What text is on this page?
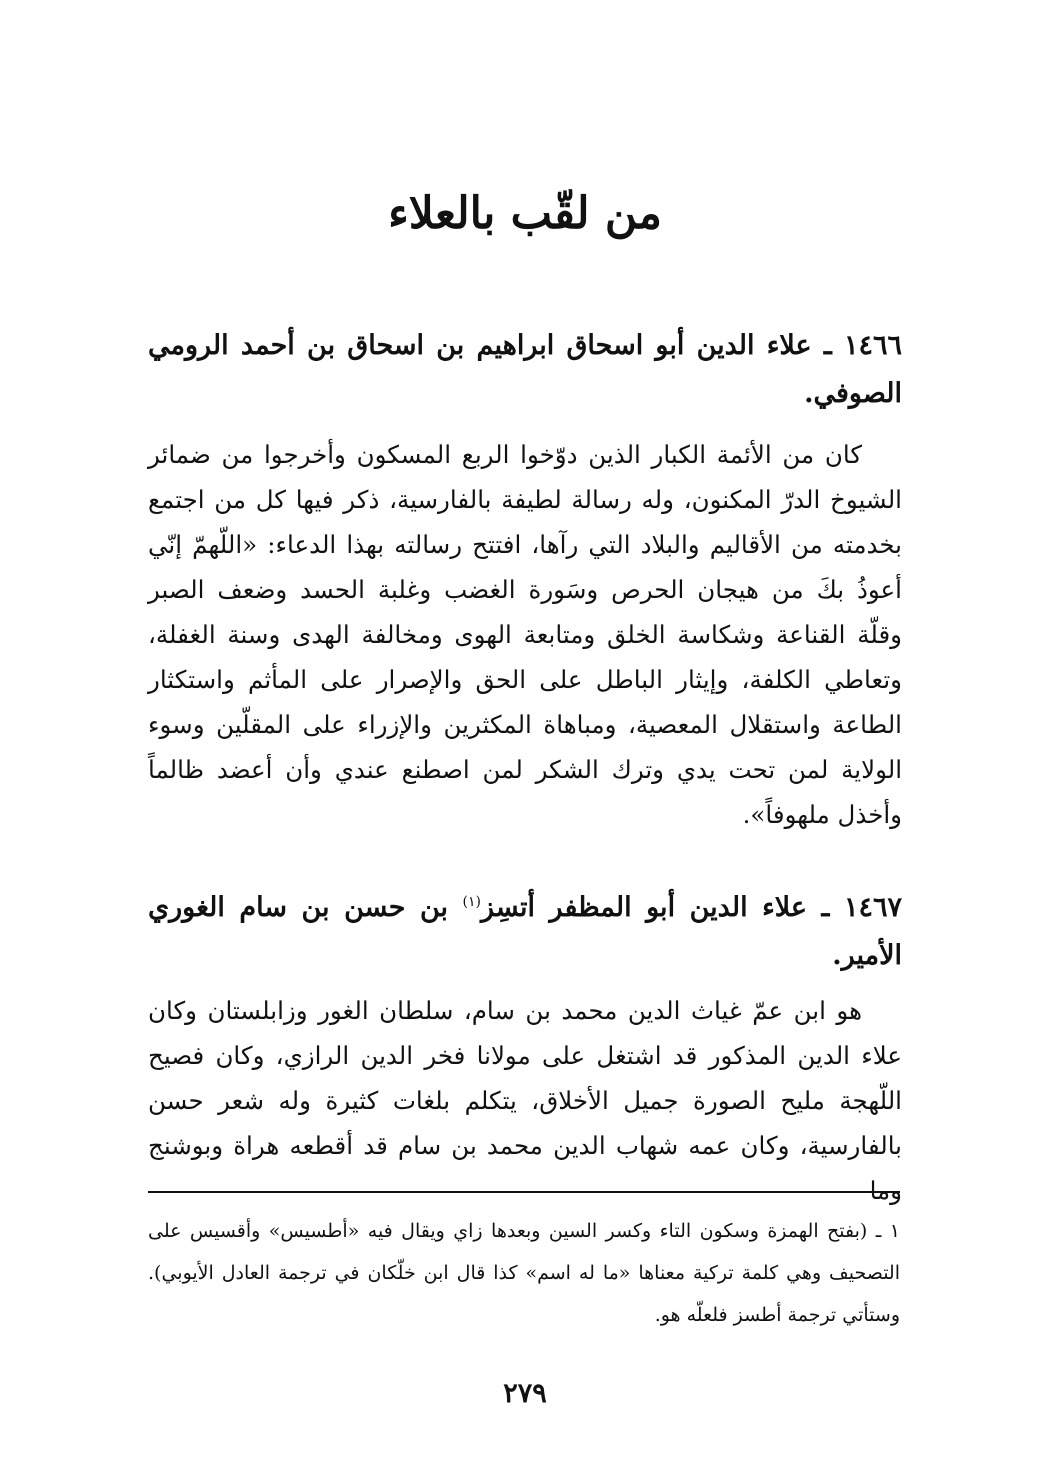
من لقّب بالعلاء

١٤٦٦ ـ علاء الدين أبو اسحاق ابراهيم بن اسحاق بن أحمد الرومي الصوفي.

كان من الأئمة الكبار الذين دوّخوا الربع المسكون وأخرجوا من ضمائر الشيوخ الدرّ المكنون، وله رسالة لطيفة بالفارسية، ذكر فيها كل من اجتمع بخدمته من الأقاليم والبلاد التي رآها، افتتح رسالته بهذا الدعاء: «اللّهمّ إنّي أعوذُ بكَ من هيجان الحرص وسَورة الغضب وغلبة الحسد وضعف الصبر وقلّة القناعة وشكاسة الخلق ومتابعة الهوى ومخالفة الهدى وسنة الغفلة، وتعاطي الكلفة، وإيثار الباطل على الحق والإصرار على المأثم واستكثار الطاعة واستقلال المعصية، ومباهاة المكثرين والإزراء على المقلّين وسوء الولاية لمن تحت يدي وترك الشكر لمن اصطنع عندي وأن أعضد ظالماً وأخذل ملهوفاً».

١٤٦٧ ـ علاء الدين أبو المظفر أتسِز$^{(١)}$ بن حسن بن سام الغوري الأمير.

هو ابن عمّ غياث الدين محمد بن سام، سلطان الغور وزابلستان وكان علاء الدين المذكور قد اشتغل على مولانا فخر الدين الرازي، وكان فصيح اللّهجة مليح الصورة جميل الأخلاق، يتكلم بلغات كثيرة وله شعر حسن بالفارسية، وكان عمه شهاب الدين محمد بن سام قد أقطعه هراة وبوشنج وما

١ ـ (بفتح الهمزة وسكون التاء وكسر السين وبعدها زاي ويقال فيه «أطسيس» وأقسيس على التصحيف وهي كلمة تركية معناها «ما له اسم» كذا قال ابن خلّكان في ترجمة العادل الأيوبي). وستأتي ترجمة أطسز فلعلّه هو.

٢٧٩
